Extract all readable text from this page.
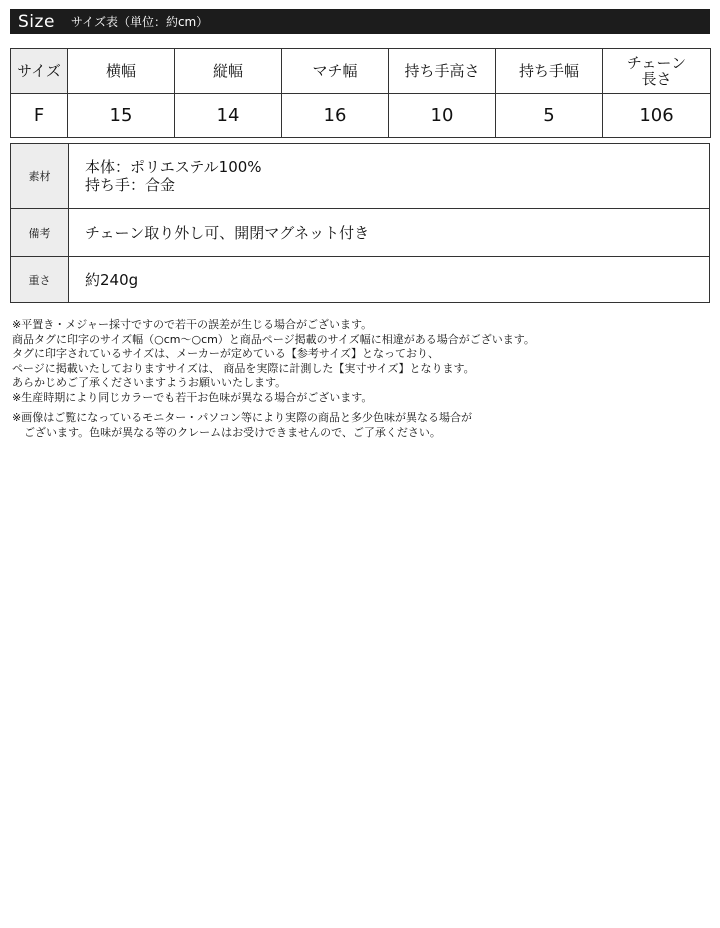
Size サイズ表（単位：約cm）
サイズ	横幅	縦幅	マチ幅	持ち手高さ	持ち手幅	チェーン
長さ

F	15	14	16	10	5	106
素材	本体：ポリエステル100%
持ち手：合金

備考	チェーン取り外し可、開閉マグネット付き
重さ	約240g

※平置き・メジャー採寸ですので若干の誤差が生じる場合がございます。

商品タグに印字のサイズ幅（○cm〜○cm）と商品ページ掲載のサイズ幅に相違がある場合がございます。

タグに印字されているサイズは、メーカーが定めている【参考サイズ】となっており、

ページに掲載いたしておりますサイズは、 商品を実際に計測した【実寸サイズ】となります。

あらかじめご了承くださいますようお願いいたします。

※生産時期により同じカラーでも若干お色味が異なる場合がございます。

※画像はご覧になっているモニター・パソコン等により実際の商品と多少色味が異なる場合が

ございます。色味が異なる等のクレームはお受けできませんので、ご了承ください。
